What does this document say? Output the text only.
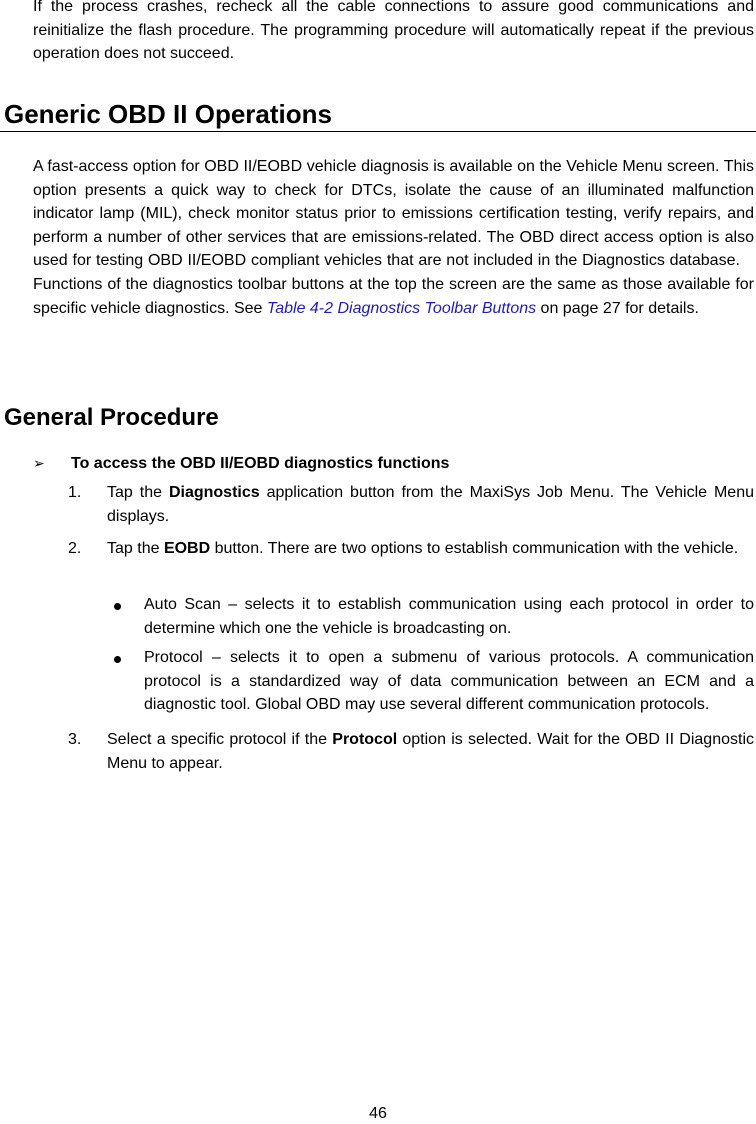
If the process crashes, recheck all the cable connections to assure good communications and reinitialize the flash procedure. The programming procedure will automatically repeat if the previous operation does not succeed.

Generic OBD II Operations

A fast-access option for OBD II/EOBD vehicle diagnosis is available on the Vehicle Menu screen. This option presents a quick way to check for DTCs, isolate the cause of an illuminated malfunction indicator lamp (MIL), check monitor status prior to emissions certification testing, verify repairs, and perform a number of other services that are emissions-related. The OBD direct access option is also used for testing OBD II/EOBD compliant vehicles that are not included in the Diagnostics database.    Functions of the diagnostics toolbar buttons at the top the screen are the same as those available for specific vehicle diagnostics. See Table 4-2 Diagnostics Toolbar Buttons on page 27 for details.

General Procedure

➢ To access the OBD II/EOBD diagnostics functions

1.	Tap the Diagnostics application button from the MaxiSys Job Menu. The Vehicle Menu displays.
2.	Tap the EOBD button. There are two options to establish communication with the vehicle.
Auto Scan – selects it to establish communication using each protocol in order to determine which one the vehicle is broadcasting on.
Protocol – selects it to open a submenu of various protocols. A communication protocol is a standardized way of data communication between an ECM and a diagnostic tool. Global OBD may use several different communication protocols.
3.	Select a specific protocol if the Protocol option is selected. Wait for the OBD II Diagnostic Menu to appear.
46
